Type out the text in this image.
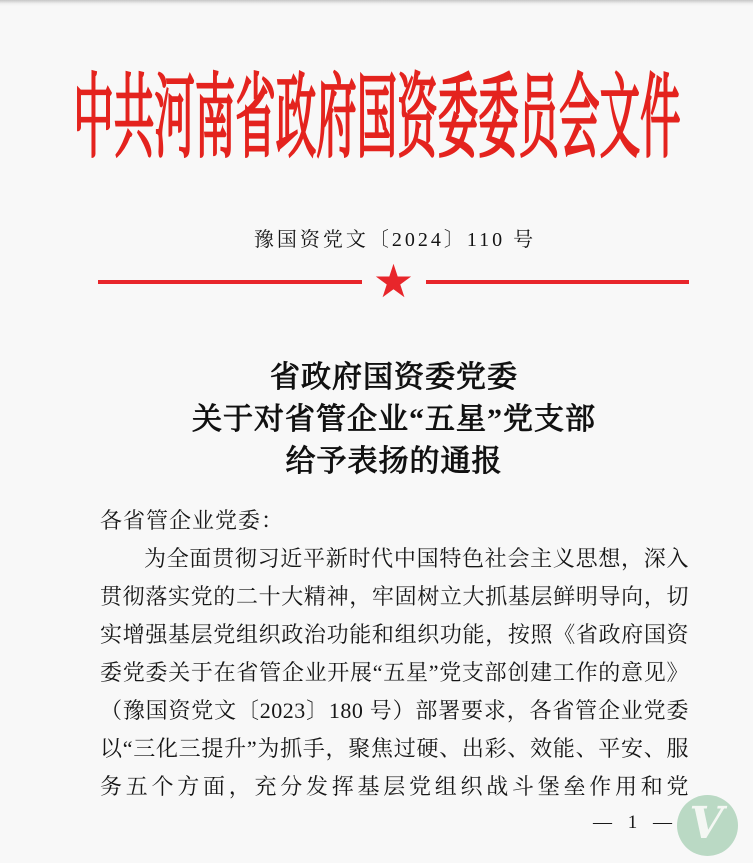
中共河南省政府国资委委员会文件
豫国资党文〔2024〕110 号
★
省政府国资委党委
关于对省管企业“五星”党支部
给予表扬的通报
各省管企业党委：

为全面贯彻习近平新时代中国特色社会主义思想，深入贯彻落实党的二十大精神，牢固树立大抓基层鲜明导向，切实增强基层党组织政治功能和组织功能，按照《省政府国资委党委关于在省管企业开展“五星”党支部创建工作的意见》（豫国资党文〔2023〕180 号）部署要求，各省管企业党委以“三化三提升”为抓手，聚焦过硬、出彩、效能、平安、服务五个方面，充分发挥基层党组织战斗堡垒作用和党

— 1 — V
